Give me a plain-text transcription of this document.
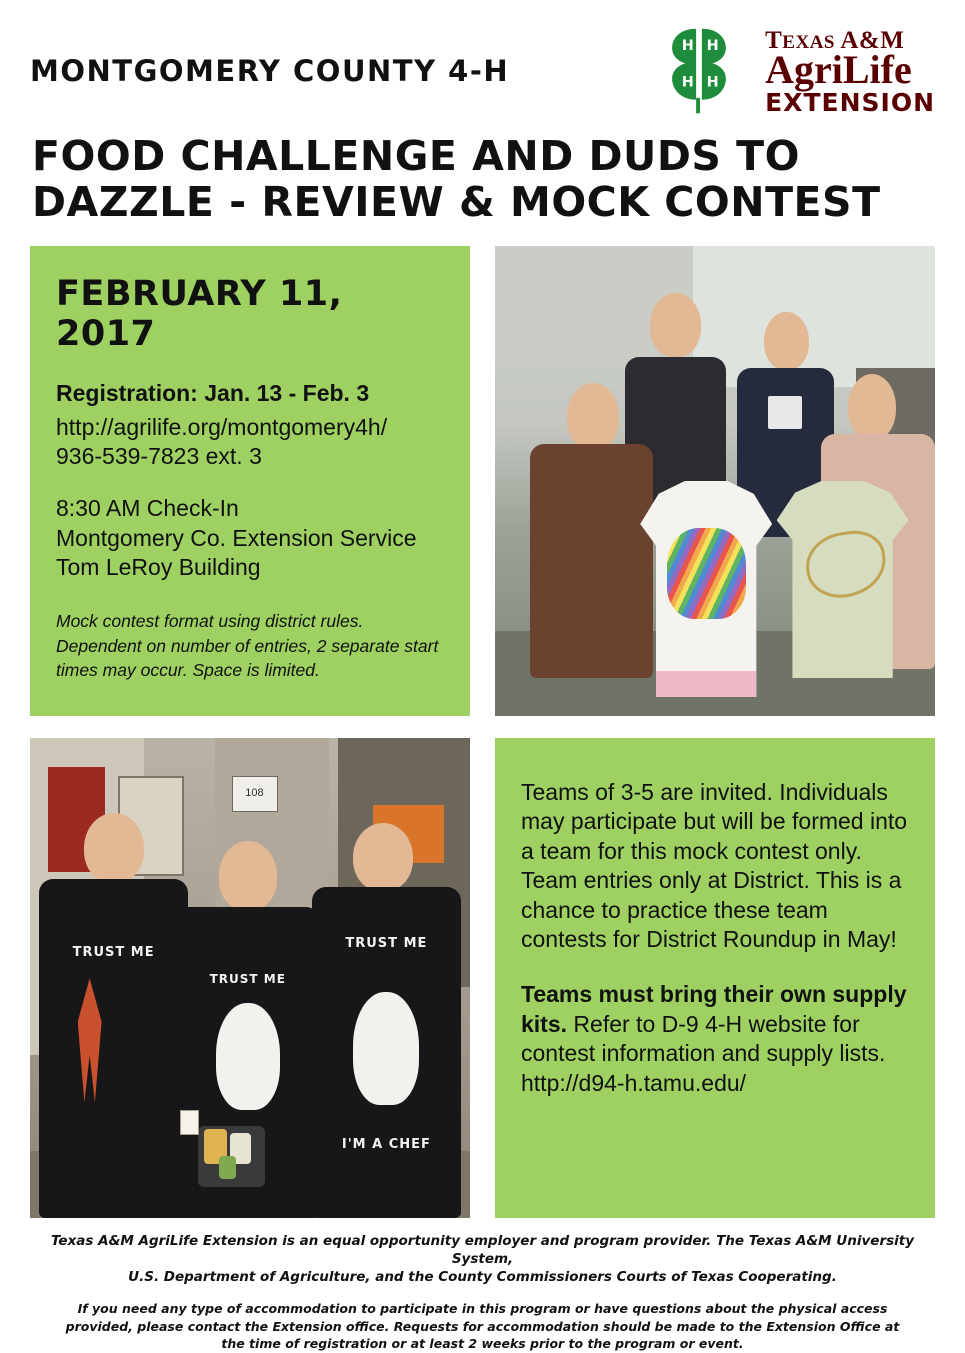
MONTGOMERY COUNTY 4-H
H H
H H
TEXAS A&M
AgriLife
EXTENSION
FOOD CHALLENGE AND DUDS TO DAZZLE - REVIEW & MOCK CONTEST
FEBRUARY 11, 2017
Registration: Jan. 13 - Feb. 3
http://agrilife.org/montgomery4h/
936-539-7823 ext. 3
8:30 AM Check-In
Montgomery Co. Extension Service
Tom LeRoy Building
Mock contest format using district rules. Dependent on number of entries, 2 separate start times may occur. Space is limited.
108
TRUST ME
TRUST ME
TRUST ME
I'M A CHEF
Teams of 3-5 are invited. Individuals may participate but will be formed into a team for this mock contest only. Team entries only at District. This is a chance to practice these team contests for District Roundup in May!
Teams must bring their own supply kits. Refer to D-9 4-H website for contest information and supply lists.
http://d94-h.tamu.edu/
Texas A&M AgriLife Extension is an equal opportunity employer and program provider. The Texas A&M University System,
U.S. Department of Agriculture, and the County Commissioners Courts of Texas Cooperating.
If you need any type of accommodation to participate in this program or have questions about the physical access
provided, please contact the Extension office. Requests for accommodation should be made to the Extension Office at
the time of registration or at least 2 weeks prior to the program or event.
